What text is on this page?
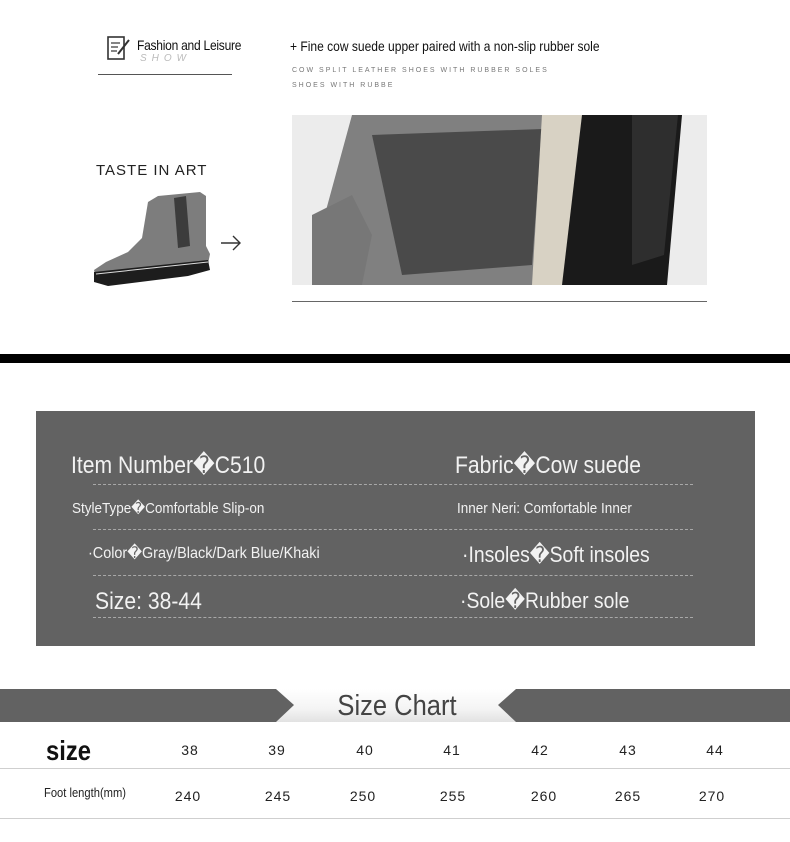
Fashion and Leisure
SHOW
+ Fine cow suede upper paired with a non-slip rubber sole
COW SPLIT LEATHER SHOES WITH RUBBER SOLES
SHOES WITH RUBBE
TASTE IN ART
Item Number�C510	Fabric�Cow suede
StyleType�Comfortable Slip-on	Inner Neri: Comfortable Inner
·Color�Gray/Black/Dark Blue/Khaki	·Insoles�Soft insoles
Size: 38-44	·Sole�Rubber sole
Size Chart
size	38	39	40	41	42	43	44
Foot length(mm)	240	245	250	255	260	265	270
